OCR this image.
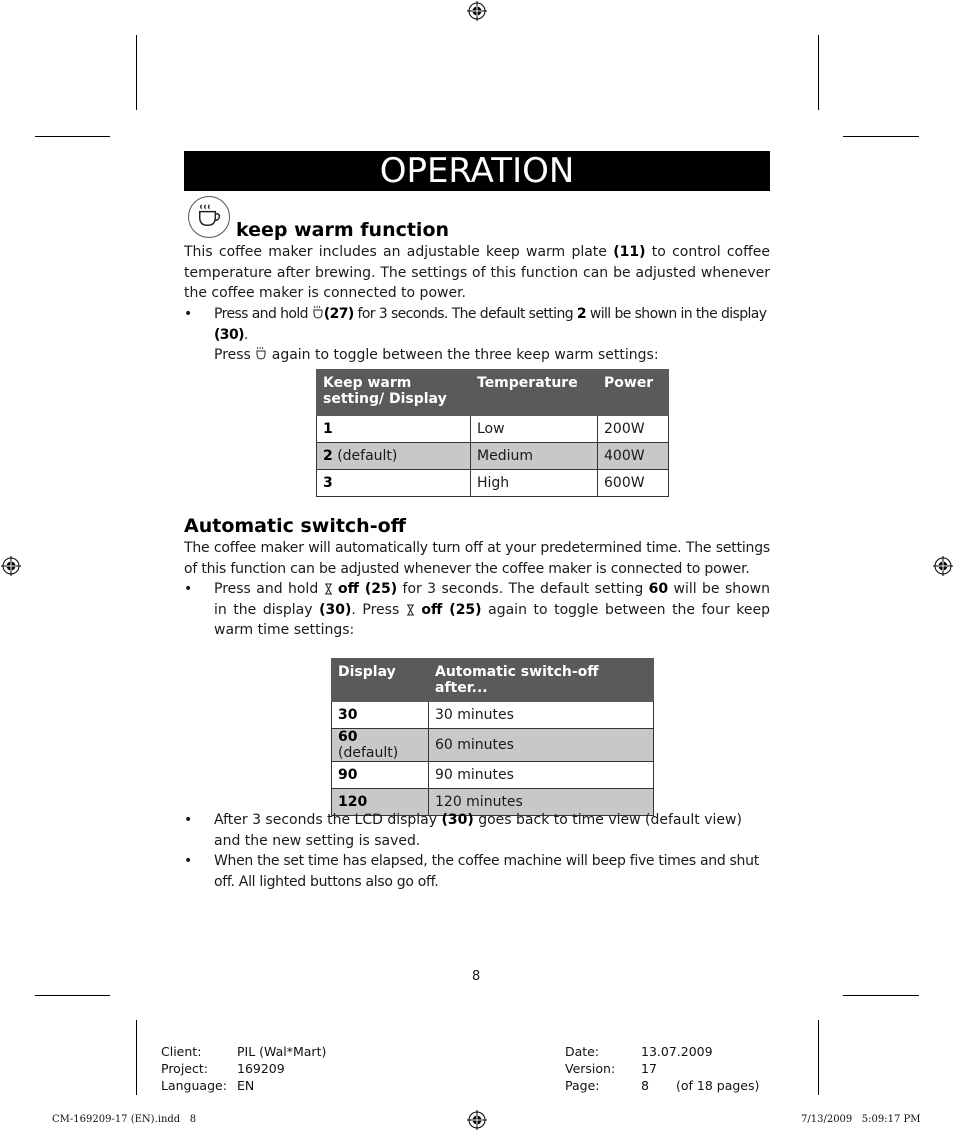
OPERATION
keep warm function
This coffee maker includes an adjustable keep warm plate (11) to control coffee temperature after brewing. The settings of this function can be adjusted whenever the coffee maker is connected to power.
• Press and hold (27) for 3 seconds. The default setting 2 will be shown in the display (30).
Press  again to toggle between the three keep warm settings:
Keep warm setting/ Display	Temperature	Power
1	Low	200W
2 (default)	Medium	400W
3	High	600W
Automatic switch-off
The coffee maker will automatically turn off at your predetermined time. The settings of this function can be adjusted whenever the coffee maker is connected to power.
• Press and hold  off (25) for 3 seconds. The default setting 60 will be shown in the display (30). Press  off (25) again to toggle between the four keep warm time settings:
Display	Automatic switch-off after...
30	30 minutes
60 (default)	60 minutes
90	90 minutes
120	120 minutes
• After 3 seconds the LCD display (30) goes back to time view (default view) and the new setting is saved.
• When the set time has elapsed, the coffee machine will beep five times and shut off. All lighted buttons also go off.
8
Client:	PIL (Wal*Mart)
Project: 169209
Language: EN
Date:	13.07.2009
Version: 17
Page:	8 (of 18 pages)
CM-169209-17 (EN).indd   8	7/13/2009   5:09:17 PM
